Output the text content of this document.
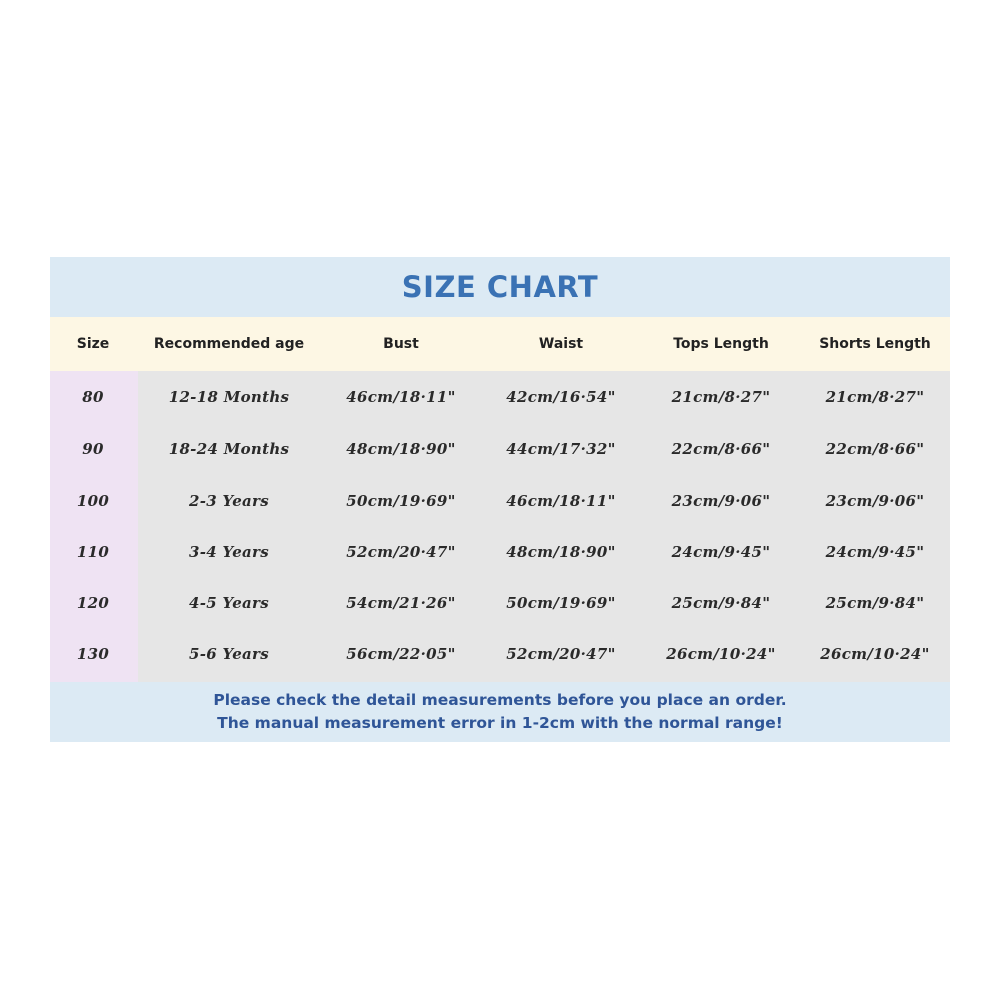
SIZE CHART
Size	Recommended age	Bust	Waist	Tops Length	Shorts Length
80	12-18 Months	46cm/18·11"	42cm/16·54"	21cm/8·27"	21cm/8·27"
90	18-24 Months	48cm/18·90"	44cm/17·32"	22cm/8·66"	22cm/8·66"
100	2-3 Years	50cm/19·69"	46cm/18·11"	23cm/9·06"	23cm/9·06"
110	3-4 Years	52cm/20·47"	48cm/18·90"	24cm/9·45"	24cm/9·45"
120	4-5 Years	54cm/21·26"	50cm/19·69"	25cm/9·84"	25cm/9·84"
130	5-6 Years	56cm/22·05"	52cm/20·47"	26cm/10·24"	26cm/10·24"
Please check the detail measurements before you place an order.
The manual measurement error in 1-2cm with the normal range!
